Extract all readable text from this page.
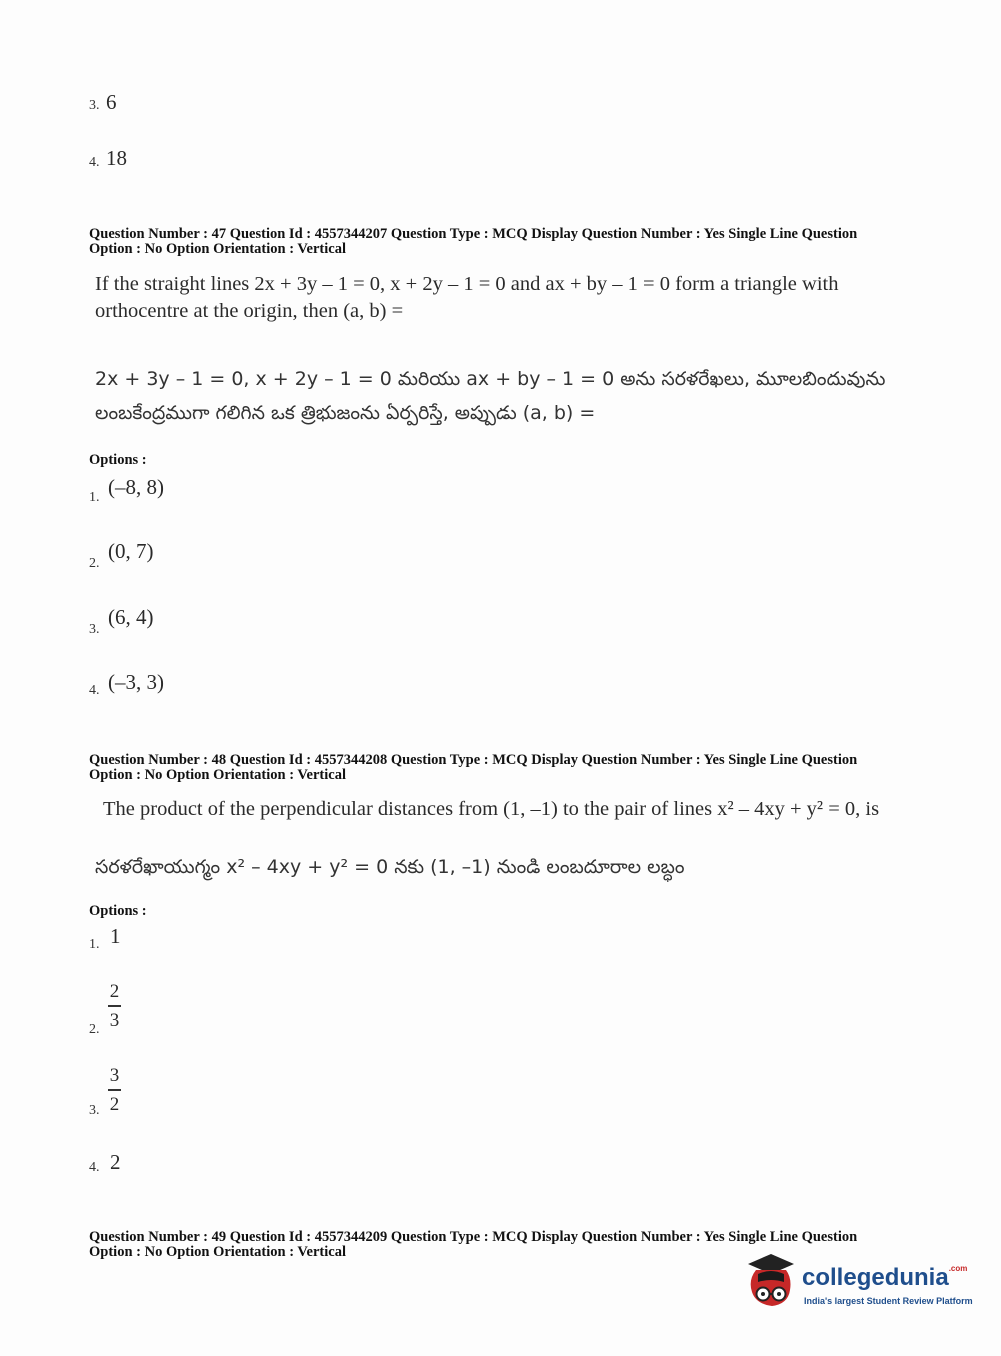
3. 6
4. 18
Question Number : 47 Question Id : 4557344207 Question Type : MCQ Display Question Number : Yes Single Line Question
Option : No Option Orientation : Vertical
If the straight lines 2x + 3y – 1 = 0, x + 2y – 1 = 0 and ax + by – 1 = 0 form a triangle with
orthocentre at the origin, then (a, b) =
2x + 3y – 1 = 0, x + 2y – 1 = 0 మరియు ax + by – 1 = 0 అను సరళరేఖలు, మూలబిందువును
లంబకేంద్రముగా గలిగిన ఒక త్రిభుజంను ఏర్పరిస్తే, అప్పుడు (a, b) =
Options :
1. (–8, 8)
2.
(0, 7)
3.
(6, 4)
4. (–3, 3)
Question Number : 48 Question Id : 4557344208 Question Type : MCQ Display Question Number : Yes Single Line Question
Option : No Option Orientation : Vertical
The product of the perpendicular distances from (1, –1) to the pair of lines x² – 4xy + y² = 0, is
సరళరేఖాయుగ్మం x² – 4xy + y² = 0 నకు (1, –1) నుండి లంబదూరాల లబ్ధం
Options :
1. 1
2.
2
3
3.
3
2
4. 2
Question Number : 49 Question Id : 4557344209 Question Type : MCQ Display Question Number : Yes Single Line Question
Option : No Option Orientation : Vertical
collegedunia$^{.com}$
India's largest Student Review Platform
